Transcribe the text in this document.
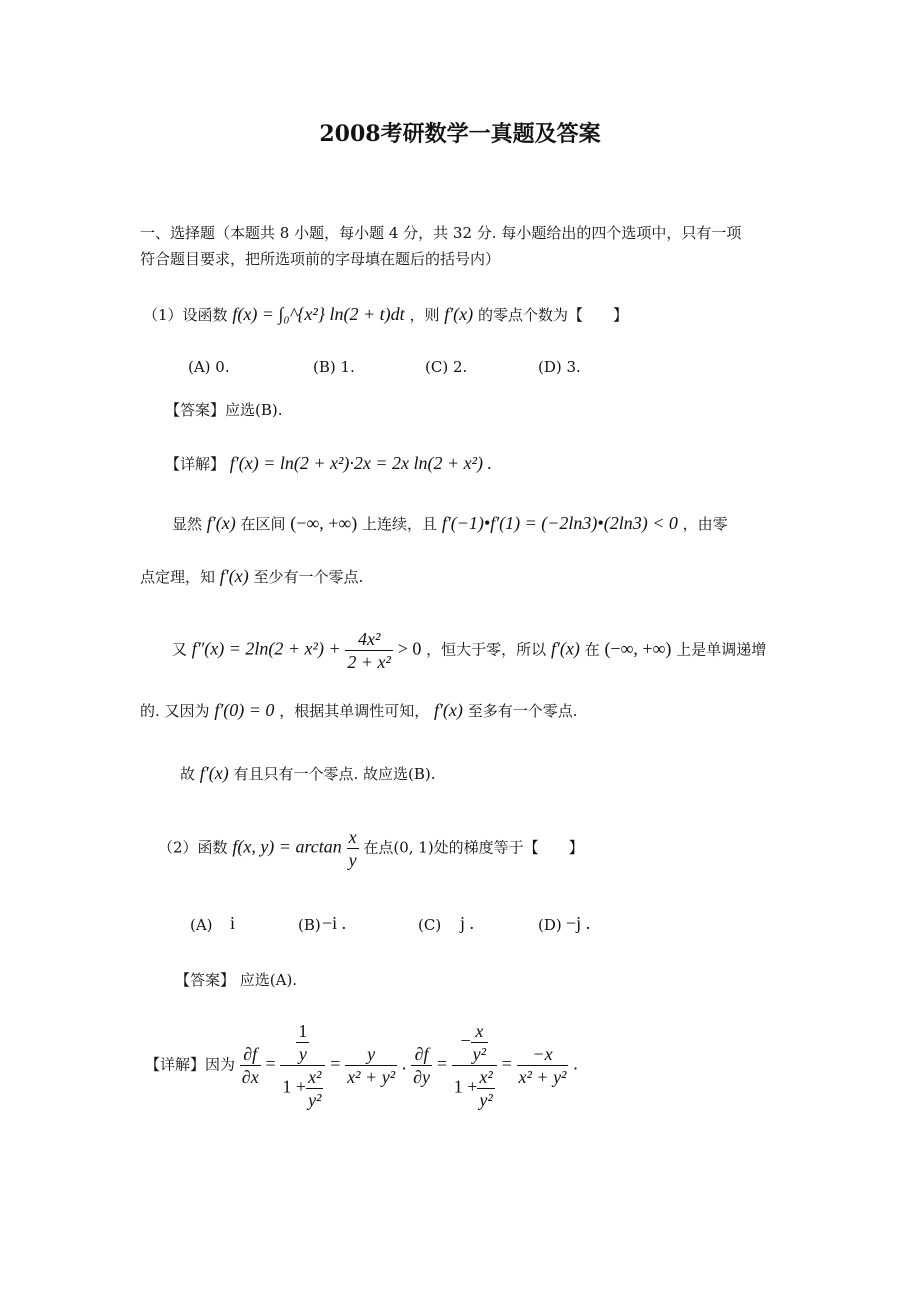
2008考研数学一真题及答案
一、选择题（本题共 8 小题，每小题 4 分，共 32 分. 每小题给出的四个选项中，只有一项
符合题目要求，把所选项前的字母填在题后的括号内）
（1）设函数 f(x) = ∫₀^{x²} ln(2 + t)dt ，则 f′(x) 的零点个数为【　　】
(A) 0.	(B) 1.	(C) 2.	(D) 3.
【答案】应选(B).
【详解】 f′(x) = ln(2 + x²)·2x = 2x ln(2 + x²) .
显然 f′(x) 在区间 (−∞, +∞) 上连续，且 f′(−1)•f′(1) = (−2ln3)•(2ln3) < 0 ，由零
点定理，知 f′(x) 至少有一个零点.
又 $f''(x) = 2\ln(2 + x^2) + \frac{\text{4x²}}{\text{2 + x²}} > 0$ ，恒大于零，所以 f′(x) 在 (−∞, +∞) 上是单调递增
的. 又因为 f′(0) = 0 ，根据其单调性可知， f′(x) 至多有一个零点.
故 f′(x) 有且只有一个零点. 故应选(B).
（2）函数 f(x, $y) = \arctan \frac{x}{y}$ 在点(0, 1)处的梯度等于【　　】
(A) i	(B) −i .	(C) j .	(D) −j .
【答案】 应选(A).
【详解】因为 $\frac{\partial f}{\partial x} = \frac{\frac{1}{y}}{1 + \frac{\text{x²}}{\text{y²}}} = \frac{y}{\text{x² + y²}}$ . $\frac{\partial f}{\partial y} = \frac{- \frac{x}{\text{y²}}}{1 + \frac{\text{x²}}{\text{y²}}} = \frac{-x}{\text{x² + y²}}$ .
